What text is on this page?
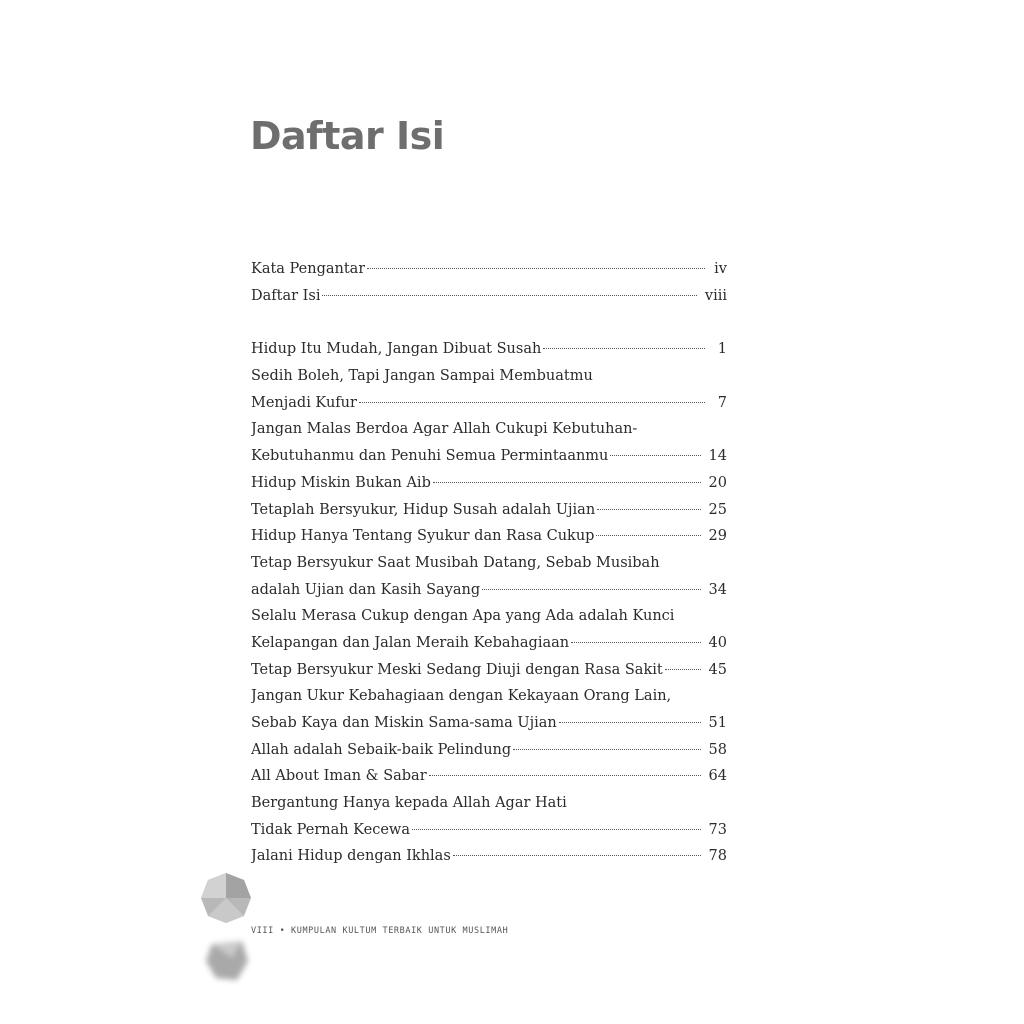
Daftar Isi
Kata Pengantar	iv
Daftar Isi	viii
Hidup Itu Mudah, Jangan Dibuat Susah	1
Sedih Boleh, Tapi Jangan Sampai Membuatmu
Menjadi Kufur	7
Jangan Malas Berdoa Agar Allah Cukupi Kebutuhan-
Kebutuhanmu dan Penuhi Semua Permintaanmu	14
Hidup Miskin Bukan Aib	20
Tetaplah Bersyukur, Hidup Susah adalah Ujian	25
Hidup Hanya Tentang Syukur dan Rasa Cukup	29
Tetap Bersyukur Saat Musibah Datang, Sebab Musibah
adalah Ujian dan Kasih Sayang	34
Selalu Merasa Cukup dengan Apa yang Ada adalah Kunci
Kelapangan dan Jalan Meraih Kebahagiaan	40
Tetap Bersyukur Meski Sedang Diuji dengan Rasa Sakit	45
Jangan Ukur Kebahagiaan dengan Kekayaan Orang Lain,
Sebab Kaya dan Miskin Sama-sama Ujian	51
Allah adalah Sebaik-baik Pelindung	58
All About Iman & Sabar	64
Bergantung Hanya kepada Allah Agar Hati
Tidak Pernah Kecewa	73
Jalani Hidup dengan Ikhlas	78
VIII • KUMPULAN KULTUM TERBAIK UNTUK MUSLIMAH
